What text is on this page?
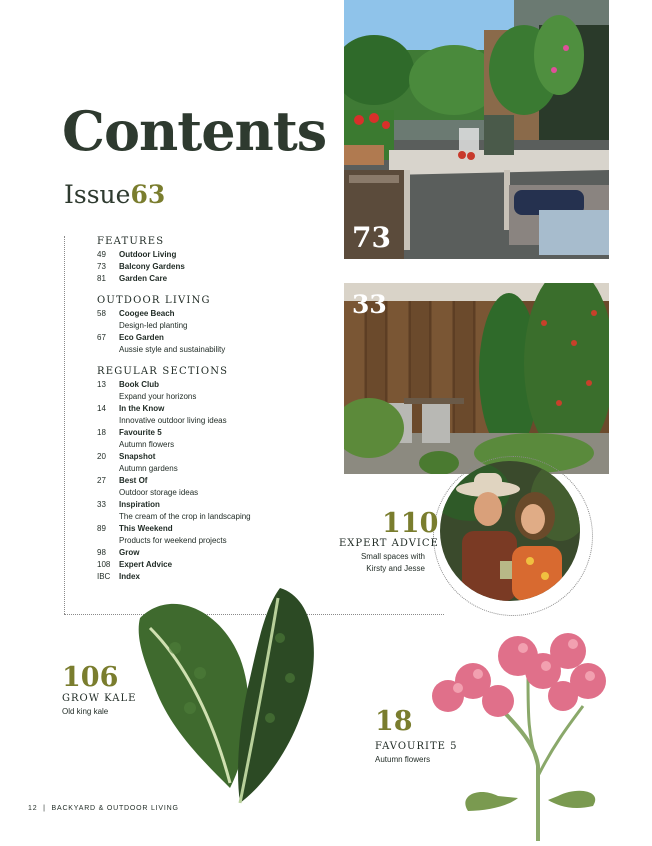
Contents
Issue63
FEATURES
49	Outdoor Living
73	Balcony Gardens
81	Garden Care
OUTDOOR LIVING
58	Coogee Beach
Design-led planting
67	Eco Garden
Aussie style and sustainability
REGULAR SECTIONS
13	Book Club
Expand your horizons
14	In the Know
Innovative outdoor living ideas
18	Favourite 5
Autumn flowers
20	Snapshot
Autumn gardens
27	Best Of
Outdoor storage ideas
33	Inspiration
The cream of the crop in landscaping
89	This Weekend
Products for weekend projects
98	Grow
108	Expert Advice
IBC	Index
73
33
110
EXPERT ADVICE
Small spaces with
Kirsty and Jesse
106
GROW KALE
Old king kale	18
FAVOURITE 5
Autumn flowers
12 | BACKYARD & OUTDOOR LIVING
